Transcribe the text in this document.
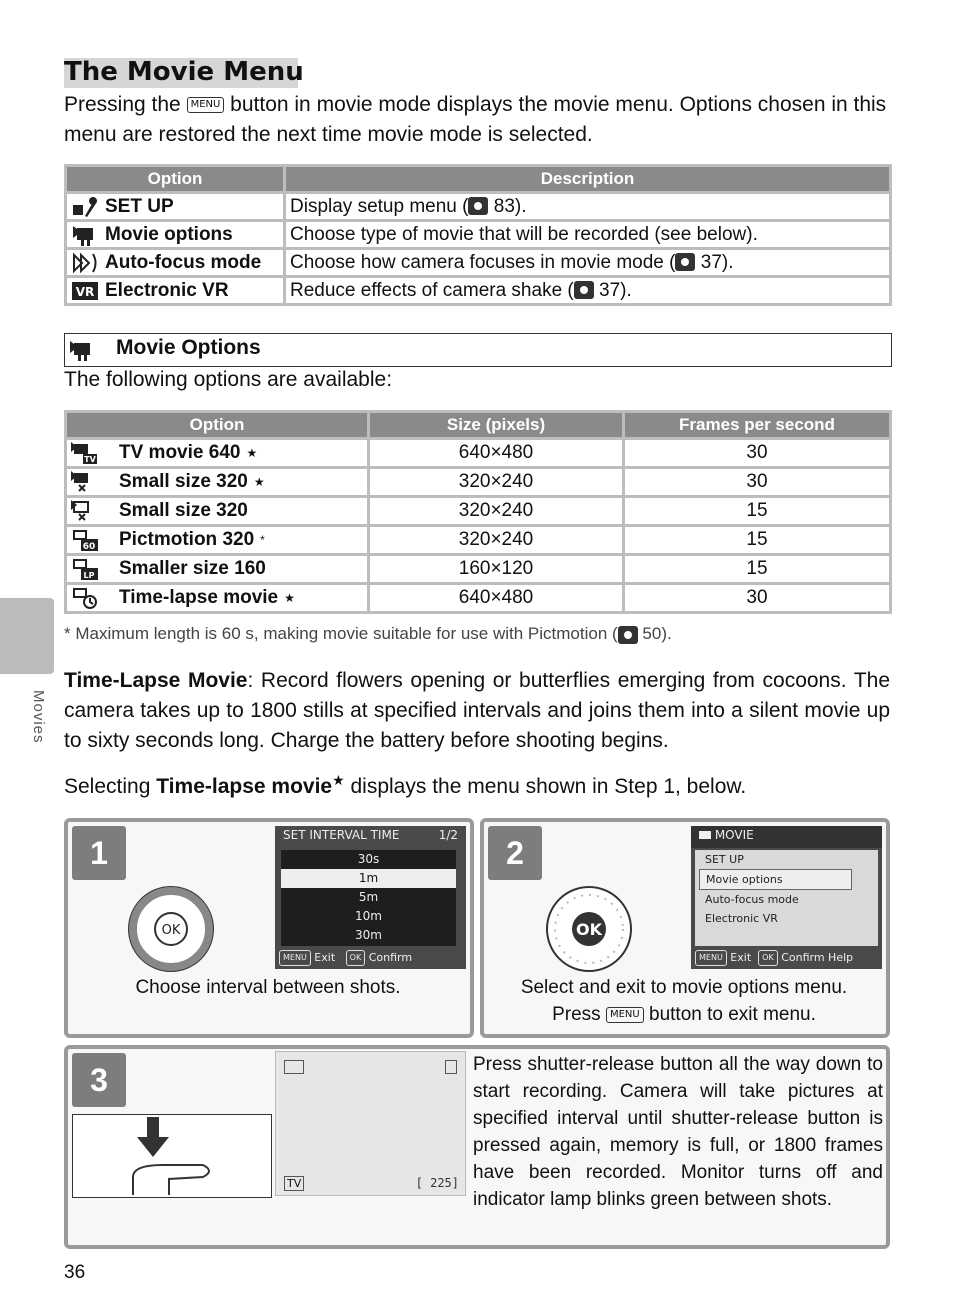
Movies
The Movie Menu
Pressing the MENU button in movie mode displays the movie menu. Options chosen in this menu are restored the next time movie mode is selected.
Option	Description

SET UP	Display setup menu ( 83).

Movie options	Choose type of movie that will be recorded (see below).

Auto-focus mode	Choose how camera focuses in movie mode ( 37).

VR Electronic VR	Reduce effects of camera shake ( 37).
Movie Options
The following options are available:
Option	Size (pixels)	Frames per second

TV TV movie 640 ★	640×480	30

Small size 320 ★	320×240	30

Small size 320	320×240	15

60 Pictmotion 320 *	320×240	15

LP Smaller size 160	160×120	15

Time-lapse movie ★	640×480	30
* Maximum length is 60 s, making movie suitable for use with Pictmotion ( 50).
Time-Lapse Movie: Record flowers opening or butterflies emerging from cocoons. The camera takes up to 1800 stills at specified intervals and joins them into a silent movie up to sixty seconds long. Charge the battery before shooting begins.
Selecting Time-lapse movie★ displays the menu shown in Step 1, below.
1
OK
SET INTERVAL TIME	1/2
30s
1m
5m
10m
30m
MENU Exit OK Confirm
Choose interval between shots.
2
OK
MOVIE
SET UP
Movie options
Auto-focus mode
Electronic VR
MENU Exit OK Confirm Help
Select and exit to movie options menu.
Press MENU button to exit menu.
3
TV	[ 225]
Press shutter-release button all the way down to start recording. Camera will take pictures at specified interval until shutter-release button is pressed again, memory is full, or 1800 frames have been recorded. Monitor turns off and indicator lamp blinks green between shots.
36
